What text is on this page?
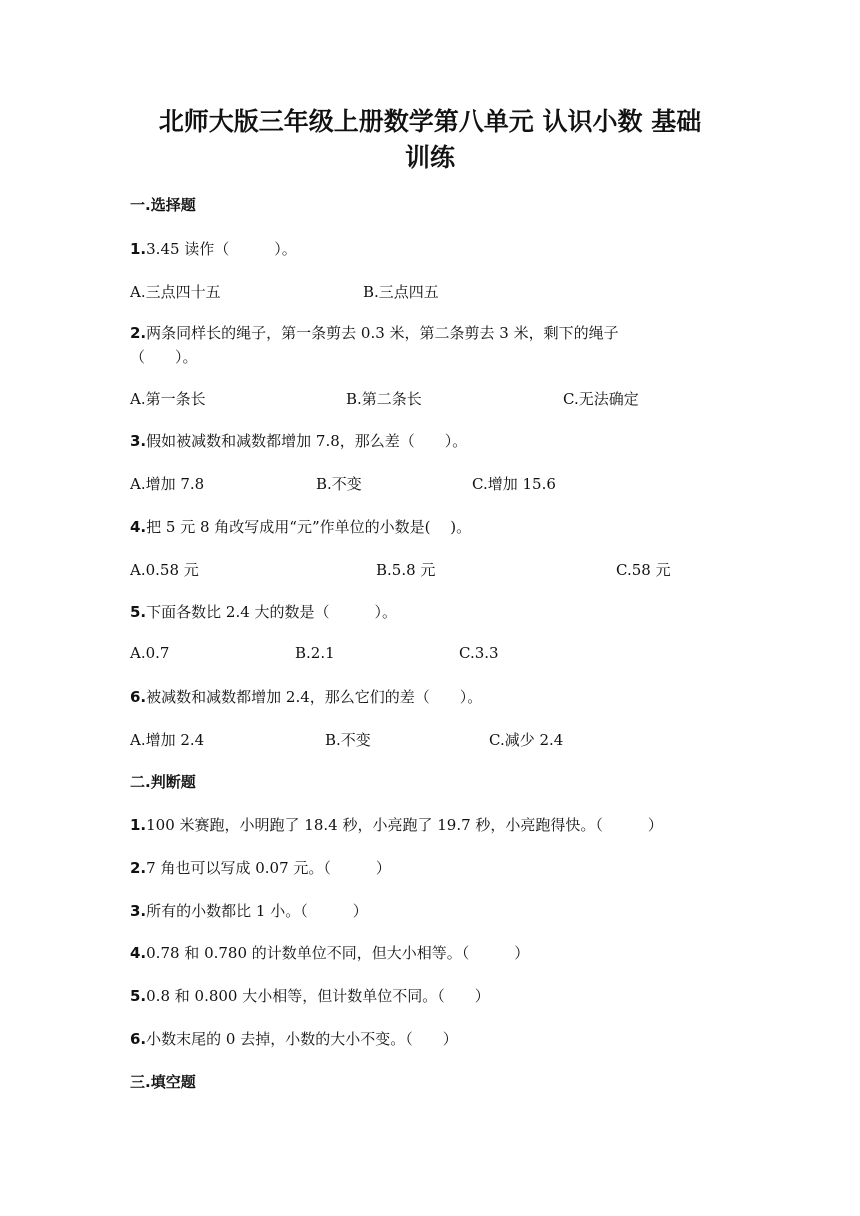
北师大版三年级上册数学第八单元 认识小数 基础
训练
一.选择题
1.3.45 读作（　　　）。
A.三点四十五	B.三点四五
2.两条同样长的绳子，第一条剪去 0.3 米，第二条剪去 3 米，剩下的绳子
（　　）。
A.第一条长	B.第二条长	C.无法确定
3.假如被减数和减数都增加 7.8，那么差（　　）。
A.增加 7.8	B.不变	C.增加 15.6
4.把 5 元 8 角改写成用“元”作单位的小数是(　 )。
A.0.58 元	B.5.8 元	C.58 元
5.下面各数比 2.4 大的数是（　　　）。
A.0.7	B.2.1	C.3.3
6.被减数和减数都增加 2.4，那么它们的差（　　）。
A.增加 2.4	B.不变	C.减少 2.4
二.判断题
1.100 米赛跑，小明跑了 18.4 秒，小亮跑了 19.7 秒，小亮跑得快。（　　　）
2.7 角也可以写成 0.07 元。（　　　）
3.所有的小数都比 1 小。（　　　）
4.0.78 和 0.780 的计数单位不同，但大小相等。（　　　）
5.0.8 和 0.800 大小相等，但计数单位不同。（　　）
6.小数末尾的 0 去掉，小数的大小不变。（　　）
三.填空题
